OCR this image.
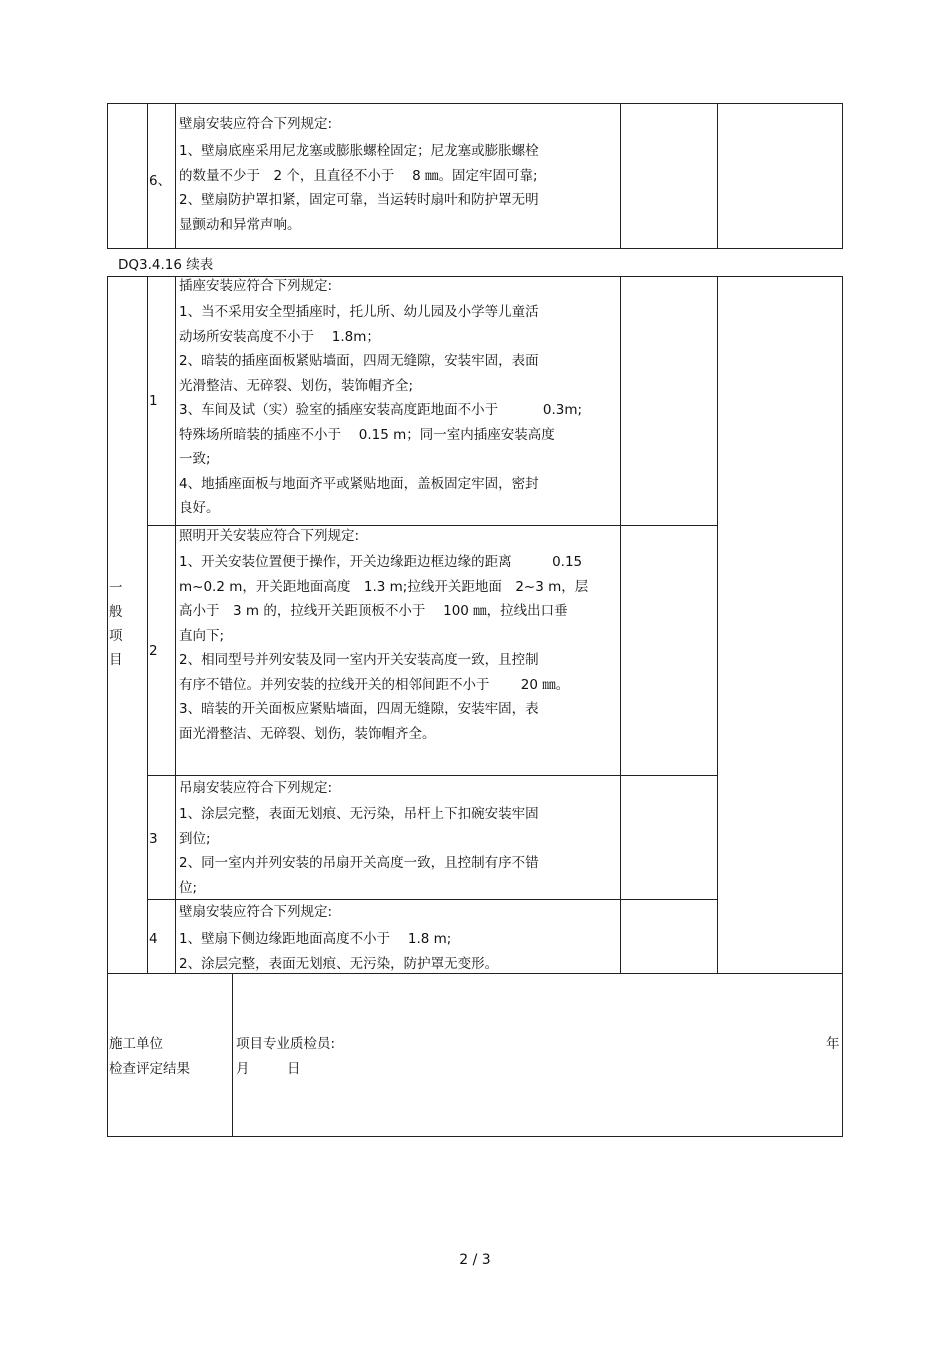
6、
壁扇安装应符合下列规定:
1、壁扇底座采用尼龙塞或膨胀螺栓固定；尼龙塞或膨胀螺栓
的数量不少于　2 个，且直径不小于　 8 ㎜。固定牢固可靠;
2、壁扇防护罩扣紧，固定可靠，当运转时扇叶和防护罩无明
显颤动和异常声响。
DQ3.4.16 续表
一
般
项
目
1
插座安装应符合下列规定:
1、当不采用安全型插座时，托儿所、幼儿园及小学等儿童活
动场所安装高度不小于　 1.8m；
2、暗装的插座面板紧贴墙面，四周无缝隙，安装牢固，表面
光滑整洁、无碎裂、划伤，装饰帽齐全;
3、车间及试（实）验室的插座安装高度距地面不小于　　　 0.3m;
特殊场所暗装的插座不小于　 0.15 m；同一室内插座安装高度
一致;
4、地插座面板与地面齐平或紧贴地面，盖板固定牢固，密封
良好。
2
照明开关安装应符合下列规定:
1、开关安装位置便于操作，开关边缘距边框边缘的距离　　　0.15
m~0.2 m，开关距地面高度　1.3 m;拉线开关距地面　2~3 m，层
高小于　3 m 的，拉线开关距顶板不小于　 100 ㎜，拉线出口垂
直向下;
2、相同型号并列安装及同一室内开关安装高度一致，且控制
有序不错位。并列安装的拉线开关的相邻间距不小于　　 20 ㎜。
3、暗装的开关面板应紧贴墙面，四周无缝隙，安装牢固，表
面光滑整洁、无碎裂、划伤，装饰帽齐全。
3
吊扇安装应符合下列规定:
1、涂层完整，表面无划痕、无污染，吊杆上下扣碗安装牢固
到位;
2、同一室内并列安装的吊扇开关高度一致，且控制有序不错
位;
4
壁扇安装应符合下列规定:
1、壁扇下侧边缘距地面高度不小于　 1.8 m;
2、涂层完整，表面无划痕、无污染，防护罩无变形。
施工单位
检查评定结果
项目专业质检员:	年
月	日
2 / 3
